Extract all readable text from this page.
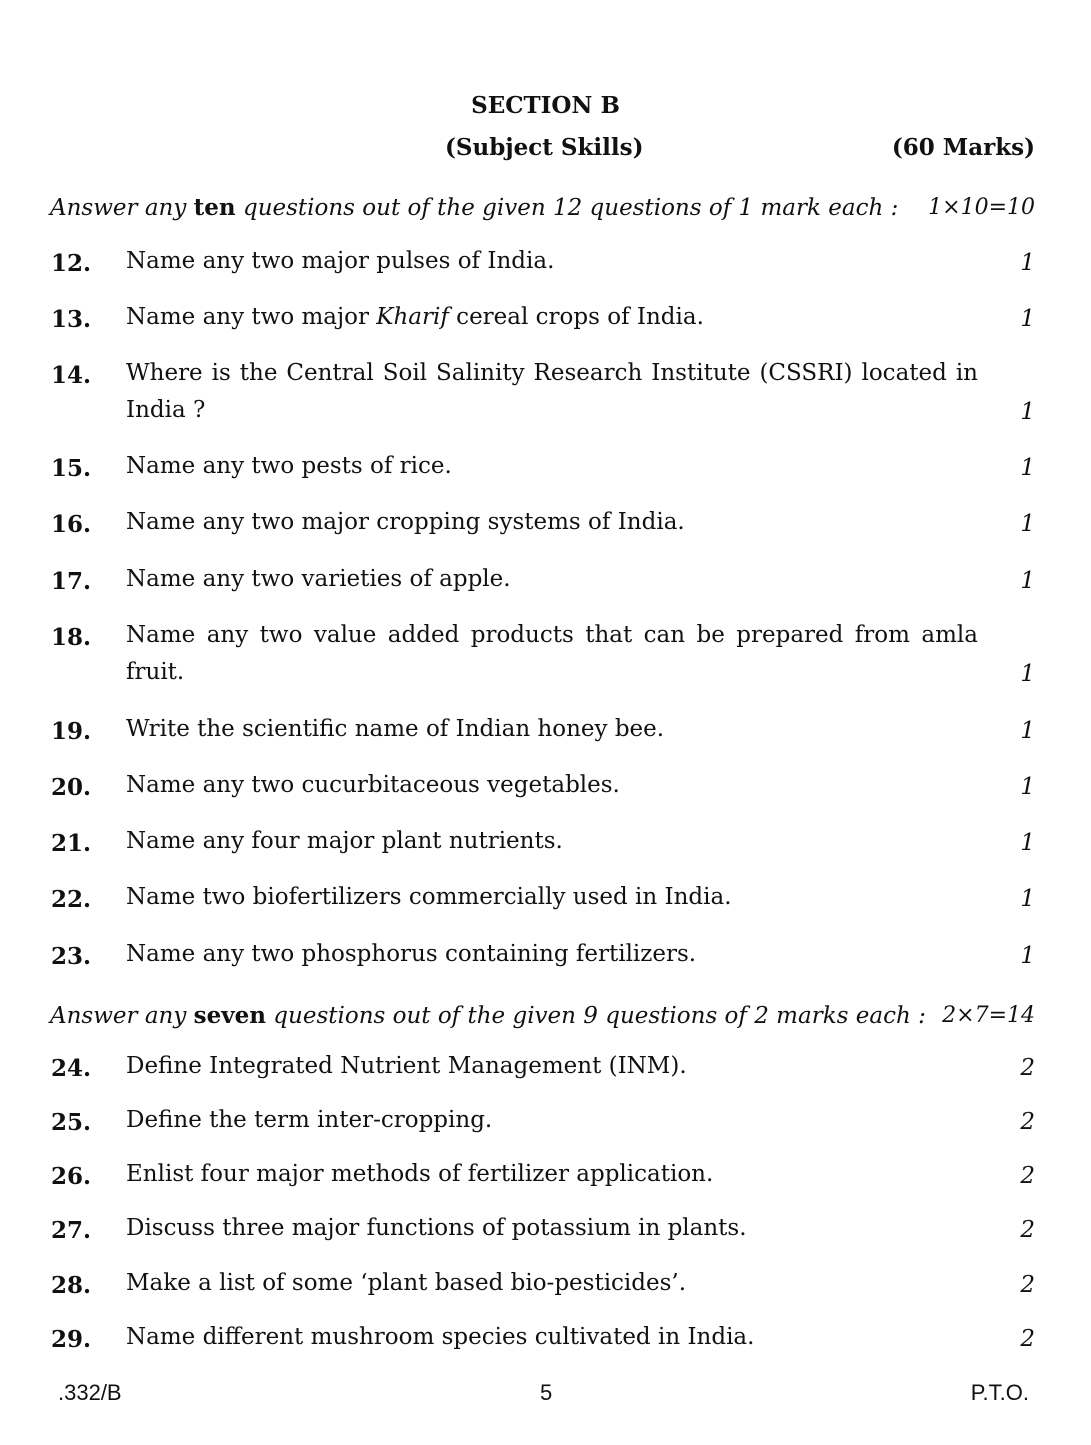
SECTION B
(Subject Skills)	(60 Marks)
Answer any ten questions out of the given 12 questions of 1 mark each : 1×10=10
12. Name any two major pulses of India.	1
13. Name any two major Kharif cereal crops of India.	1
14. Where is the Central Soil Salinity Research Institute (CSSRI) located in India ?	1
15. Name any two pests of rice.	1
16. Name any two major cropping systems of India.	1
17. Name any two varieties of apple.	1
18. Name any two value added products that can be prepared from amla fruit.	1
19. Write the scientific name of Indian honey bee.	1
20. Name any two cucurbitaceous vegetables.	1
21. Name any four major plant nutrients.	1
22. Name two biofertilizers commercially used in India.	1
23. Name any two phosphorus containing fertilizers.	1
Answer any seven questions out of the given 9 questions of 2 marks each : 2×7=14
24. Define Integrated Nutrient Management (INM).	2
25. Define the term inter-cropping.	2
26. Enlist four major methods of fertilizer application.	2
27. Discuss three major functions of potassium in plants.	2
28. Make a list of some ‘plant based bio-pesticides’.	2
29. Name different mushroom species cultivated in India.	2
.332/B	5	P.T.O.
